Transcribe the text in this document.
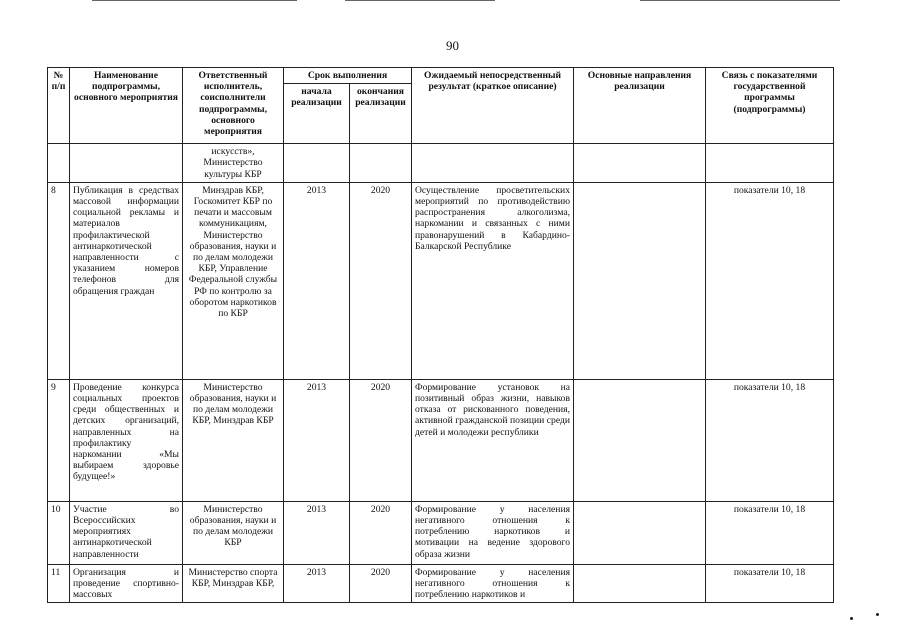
90
№ п/п	Наименование подпрограммы, основного мероприятия	Ответственный исполнитель, соисполнители подпрограммы, основного мероприятия	Срок выполнения		Ожидаемый непосредственный результат (краткое описание)	Основные направления реализации	Связь с показателями государственной программы (подпрограммы)
			начала реализации	окончания реализации			
		искусств», Министерство культуры КБР					
8	Публикация в средствах массовой информации социальной рекламы и материалов профилактической антинаркотической направленности с указанием номеров телефонов для обращения граждан	Минздрав КБР, Госкомитет КБР по печати и массовым коммуникациям, Министерство образования, науки и по делам молодежи КБР, Управление Федеральной службы РФ по контролю за оборотом наркотиков по КБР	2013	2020	Осуществление просветительских мероприятий по противодействию распространения алкоголизма, наркомании и связанных с ними правонарушений в Кабардино-Балкарской Республике		показатели 10, 18
9	Проведение конкурса социальных проектов среди общественных и детских организаций, направленных на профилактику наркомании «Мы выбираем здоровье будущее!»	Министерство образования, науки и по делам молодежи КБР, Минздрав КБР	2013	2020	Формирование установок на позитивный образ жизни, навыков отказа от рискованного поведения, активной гражданской позиции среди детей и молодежи республики		показатели 10, 18
10	Участие во Всероссийских мероприятиях антинаркотической направленности	Министерство образования, науки и по делам молодежи КБР	2013	2020	Формирование у населения негативного отношения к потреблению наркотиков и мотивации на ведение здорового образа жизни		показатели 10, 18
11	Организация и проведение спортивно-массовых	Министерство спорта КБР, Минздрав КБР,	2013	2020	Формирование у населения негативного отношения к потреблению наркотиков и		показатели 10, 18
